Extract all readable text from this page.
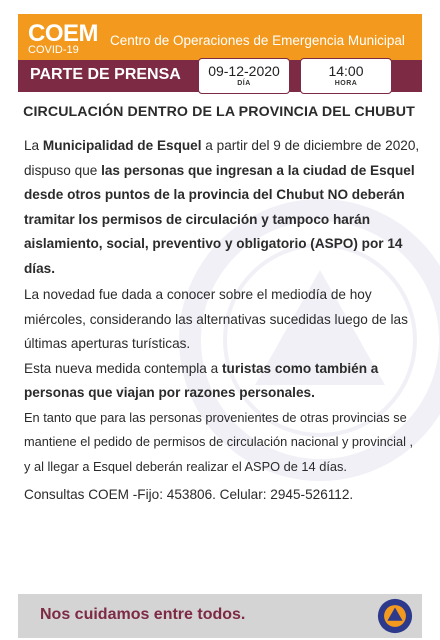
COEM
COVID-19
Centro de Operaciones de Emergencia Municipal
PARTE DE PRENSA	09-12-2020
DÍA
14:00
HORA
CIRCULACIÓN DENTRO DE LA PROVINCIA DEL CHUBUT

La Municipalidad de Esquel a partir del 9 de diciembre de 2020, dispuso que las personas que ingresan a la ciudad de Esquel desde otros puntos de la provincia del Chubut NO deberán tramitar los permisos de circulación y tampoco harán aislamiento, social, preventivo y obligatorio (ASPO) por 14 días.

La novedad fue dada a conocer sobre el mediodía de hoy miércoles, considerando las alternativas sucedidas luego de las últimas aperturas turísticas.

Esta nueva medida contempla a turistas como también a personas que viajan por razones personales.

En tanto que para las personas provenientes de otras provincias se mantiene el pedido de permisos de circulación nacional y provincial , y al llegar a Esquel deberán realizar el ASPO de 14 días.

Consultas COEM -Fijo: 453806. Celular: 2945-526112.

Nos cuidamos entre todos.
